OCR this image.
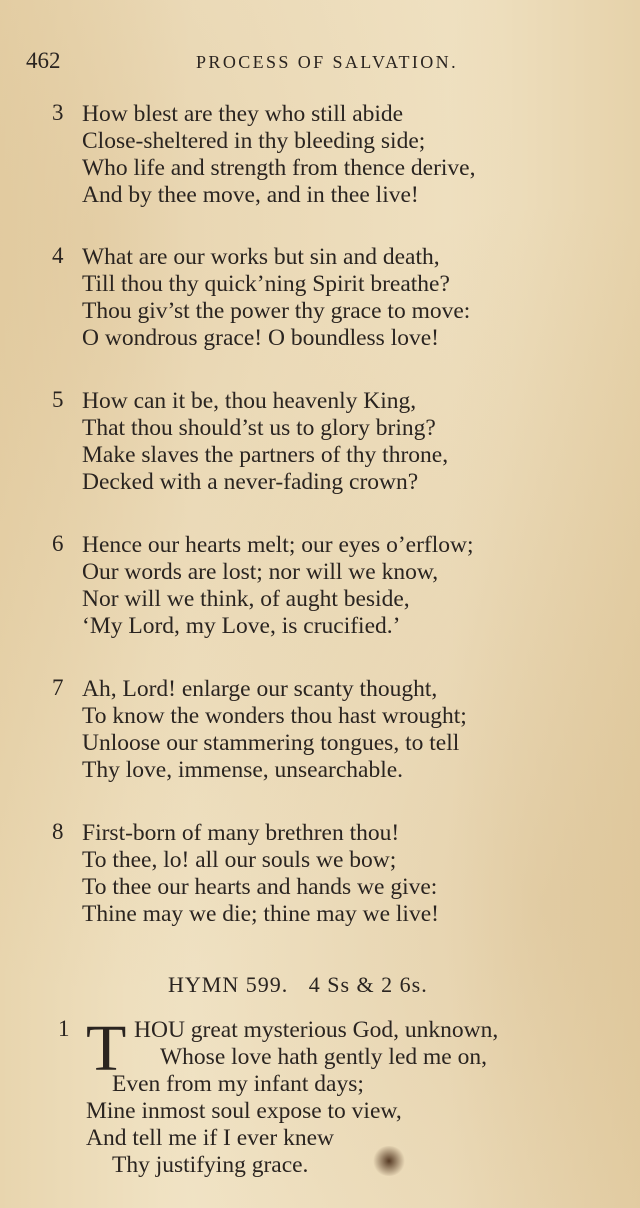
462	PROCESS OF SALVATION.
3 How blest are they who still abide
Close-sheltered in thy bleeding side;
Who life and strength from thence derive,
And by thee move, and in thee live!
4 What are our works but sin and death,
Till thou thy quick’ning Spirit breathe?
Thou giv’st the power thy grace to move:
O wondrous grace! O boundless love!
5 How can it be, thou heavenly King,
That thou should’st us to glory bring?
Make slaves the partners of thy throne,
Decked with a never-fading crown?
6 Hence our hearts melt; our eyes o’erflow;
Our words are lost; nor will we know,
Nor will we think, of aught beside,
‘My Lord, my Love, is crucified.’
7 Ah, Lord! enlarge our scanty thought,
To know the wonders thou hast wrought;
Unloose our stammering tongues, to tell
Thy love, immense, unsearchable.
8 First-born of many brethren thou!
To thee, lo! all our souls we bow;
To thee our hearts and hands we give:
Thine may we die; thine may we live!
HYMN 599. 4 Ss & 2 6s.
1	HOU great mysterious God, unknown,
Whose love hath gently led me on,
Even from my infant days;
Mine inmost soul expose to view,
And tell me if I ever knew
Thy justifying grace.
T
